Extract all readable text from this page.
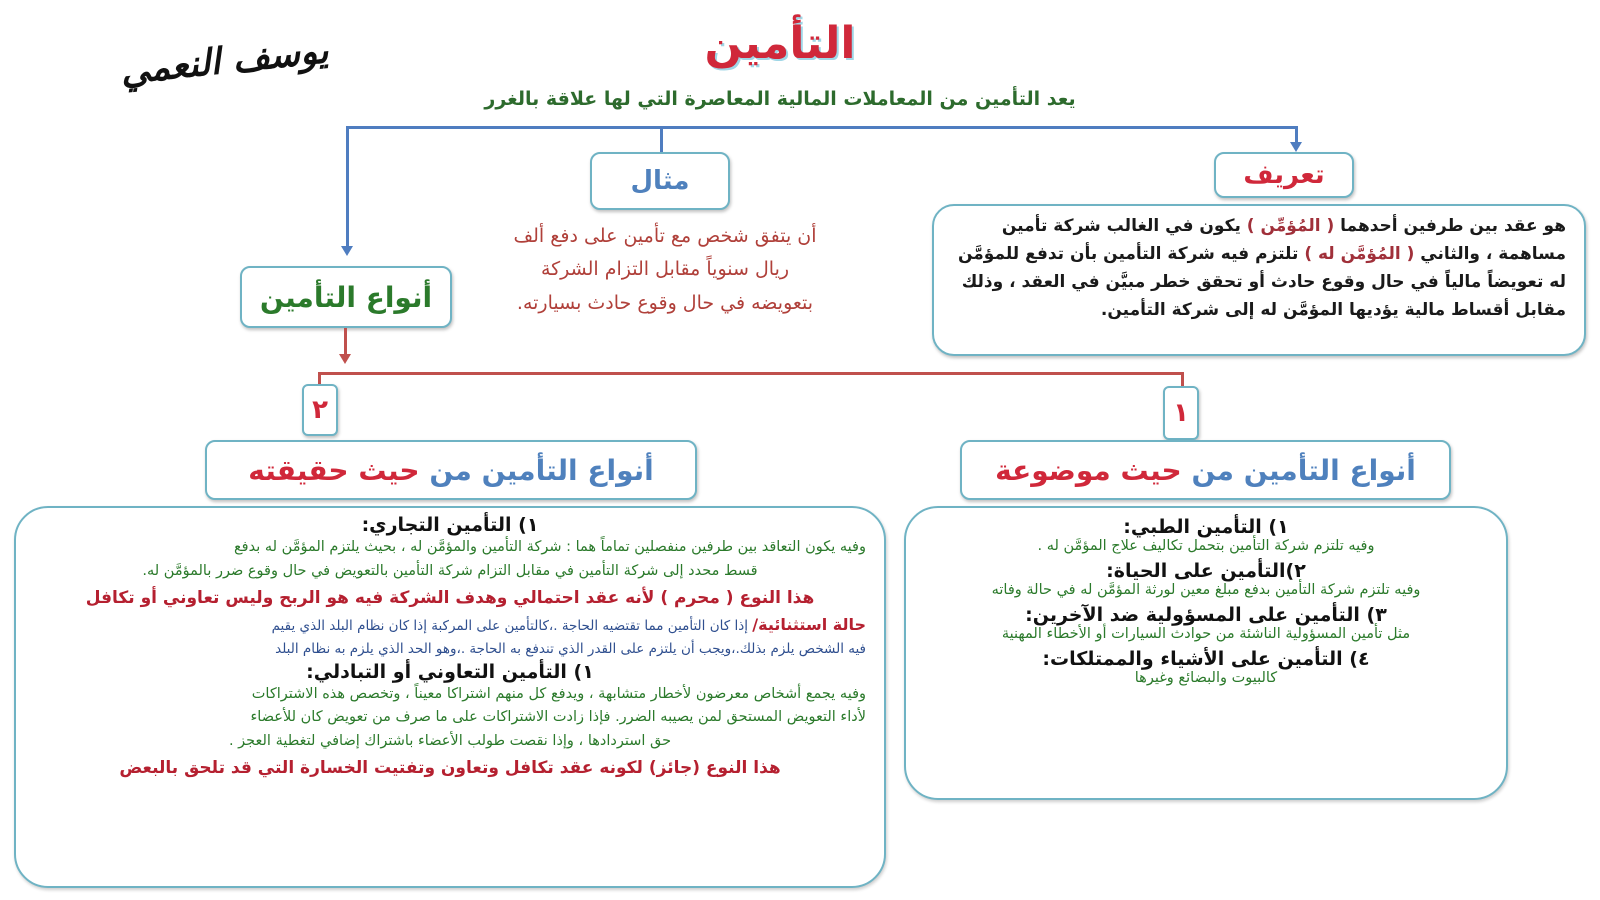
يوسف النعمي	التأمين
يعد التأمين من المعاملات المالية المعاصرة التي لها علاقة بالغرر
تعريف
هو عقد بين طرفين أحدهما ( المُؤمِّن ) يكون في الغالب شركة تأمين
مساهمة ، والثاني ( المُؤمَّن له ) تلتزم فيه شركة التأمين بأن تدفع للمؤمَّن
له تعويضاً مالياً في حال وقوع حادث أو تحقق خطر مبيَّن في العقد ، وذلك
مقابل أقساط مالية يؤديها المؤمَّن له إلى شركة التأمين.
مثال
أن يتفق شخص مع تأمين على دفع ألف
ريال سنوياً مقابل التزام الشركة
بتعويضه في حال وقوع حادث بسيارته.
أنواع التأمين
٢	١
أنواع التأمين من

حيث حقيقته	أنواع التأمين من

حيث موضوعة
١) التأمين الطبي:
وفيه تلتزم شركة التأمين بتحمل تكاليف علاج المؤمَّن له .
٢)التأمين على الحياة:
وفيه تلتزم شركة التأمين بدفع مبلغ معين لورثة المؤمَّن له في حالة وفاته
٣) التأمين على المسؤولية ضد الآخرين:
مثل تأمين المسؤولية الناشئة من حوادث السيارات أو الأخطاء المهنية
٤) التأمين على الأشياء والممتلكات:
كالبيوت والبضائع وغيرها
١) التأمين التجاري:
وفيه يكون التعاقد بين طرفين منفصلين تماماً هما : شركة التأمين والمؤمَّن له ، بحيث يلتزم المؤمَّن له بدفع
قسط محدد إلى شركة التأمين في مقابل التزام شركة التأمين بالتعويض في حال وقوع ضرر بالمؤمَّن له.
هذا النوع ( محرم ) لأنه عقد احتمالي وهدف الشركة فيه هو الربح وليس تعاوني أو تكافل
حالة استثنائية/ إذا كان التأمين مما تقتضيه الحاجة .،كالتأمين على المركبة إذا كان نظام البلد الذي يقيم
فيه الشخص يلزم بذلك.،ويجب أن يلتزم على القدر الذي تندفع به الحاجة .،وهو الحد الذي يلزم به نظام البلد
١) التأمين التعاوني أو التبادلي:
وفيه يجمع أشخاص معرضون لأخطار متشابهة ، ويدفع كل منهم اشتراكا معيناً ، وتخصص هذه الاشتراكات
لأداء التعويض المستحق لمن يصيبه الضرر. فإذا زادت الاشتراكات على ما صرف من تعويض كان للأعضاء
حق استردادها ، وإذا نقصت طولب الأعضاء باشتراك إضافي لتغطية العجز .
هذا النوع (جائز) لكونه عقد تكافل وتعاون وتفتيت الخسارة التي قد تلحق بالبعض
